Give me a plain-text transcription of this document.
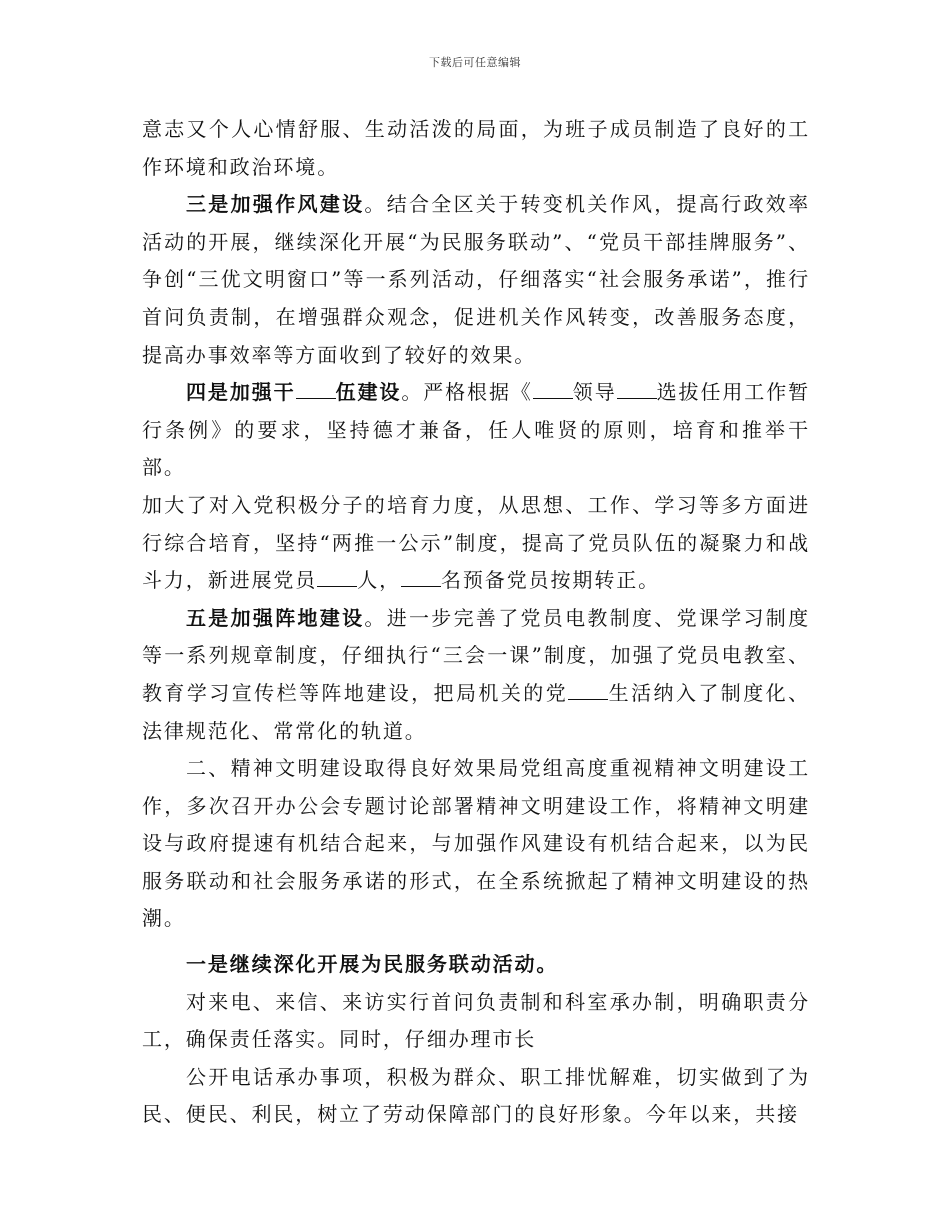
下载后可任意编辑

意志又个人心情舒服、生动活泼的局面，为班子成员制造了良好的工作环境和政治环境。

三是加强作风建设。结合全区关于转变机关作风，提高行政效率活动的开展，继续深化开展“为民服务联动”、“党员干部挂牌服务”、争创“三优文明窗口”等一系列活动，仔细落实“社会服务承诺”，推行首问负责制，在增强群众观念，促进机关作风转变，改善服务态度，提高办事效率等方面收到了较好的效果。

四是加强干 伍建设。严格根据《 领导 选拔任用工作暂行条例》的要求，坚持德才兼备，任人唯贤的原则，培育和推举干部。

加大了对入党积极分子的培育力度，从思想、工作、学习等多方面进行综合培育，坚持“两推一公示”制度，提高了党员队伍的凝聚力和战斗力，新进展党员 人， 名预备党员按期转正。

五是加强阵地建设。进一步完善了党员电教制度、党课学习制度等一系列规章制度，仔细执行“三会一课”制度，加强了党员电教室、教育学习宣传栏等阵地建设，把局机关的党 生活纳入了制度化、法律规范化、常常化的轨道。

二、精神文明建设取得良好效果局党组高度重视精神文明建设工作，多次召开办公会专题讨论部署精神文明建设工作，将精神文明建设与政府提速有机结合起来，与加强作风建设有机结合起来，以为民服务联动和社会服务承诺的形式，在全系统掀起了精神文明建设的热潮。

一是继续深化开展为民服务联动活动。

对来电、来信、来访实行首问负责制和科室承办制，明确职责分工，确保责任落实。同时，仔细办理市长

公开电话承办事项，积极为群众、职工排忧解难，切实做到了为民、便民、利民，树立了劳动保障部门的良好形象。今年以来，共接
